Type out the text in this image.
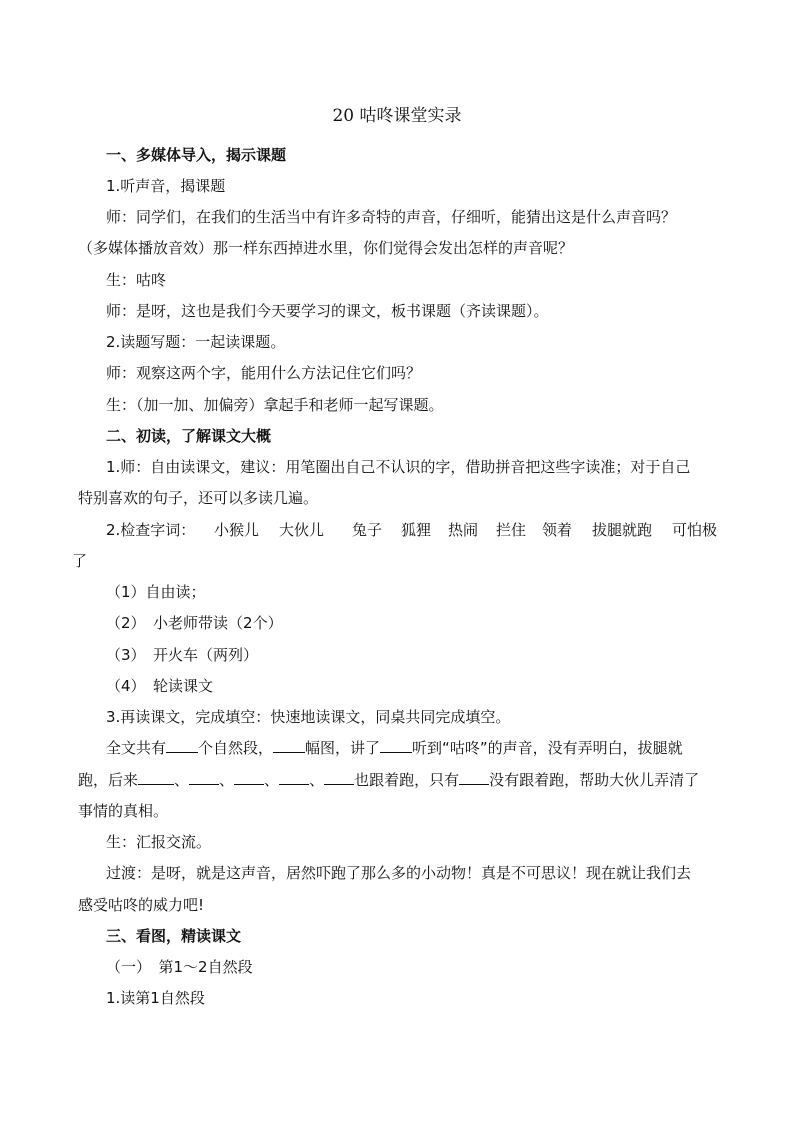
20 咕咚课堂实录
一、多媒体导入，揭示课题
1.听声音，揭课题
师：同学们，在我们的生活当中有许多奇特的声音，仔细听，能猜出这是什么声音吗？
（多媒体播放音效）那一样东西掉进水里，你们觉得会发出怎样的声音呢？
生：咕咚
师：是呀，这也是我们今天要学习的课文，板书课题（齐读课题）。
2.读题写题：一起读课题。
师：观察这两个字，能用什么方法记住它们吗？
生：（加一加、加偏旁）拿起手和老师一起写课题。
二、初读，了解课文大概
1.师：自由读课文，建议：用笔圈出自己不认识的字，借助拼音把这些字读准；对于自己
特别喜欢的句子，还可以多读几遍。
2.检查字词： 小猴儿 大伙儿 兔子 狐狸 热闹 拦住 领着 拔腿就跑 可怕极
了
（1）自由读；
（2）　小老师带读（2个）
（3）　开火车（两列）
（4）　轮读课文
3.再读课文，完成填空：快速地读课文，同桌共同完成填空。
全文共有 个自然段， 幅图，讲了 听到“咕咚”的声音，没有弄明白，拔腿就
跑，后来 、 、 、 、 也跟着跑，只有 没有跟着跑，帮助大伙儿弄清了
事情的真相。
生：汇报交流。
过渡：是呀，就是这声音，居然吓跑了那么多的小动物！真是不可思议！现在就让我们去
感受咕咚的威力吧!
三、看图，精读课文
（一）　第1～2自然段
1.读第1自然段
